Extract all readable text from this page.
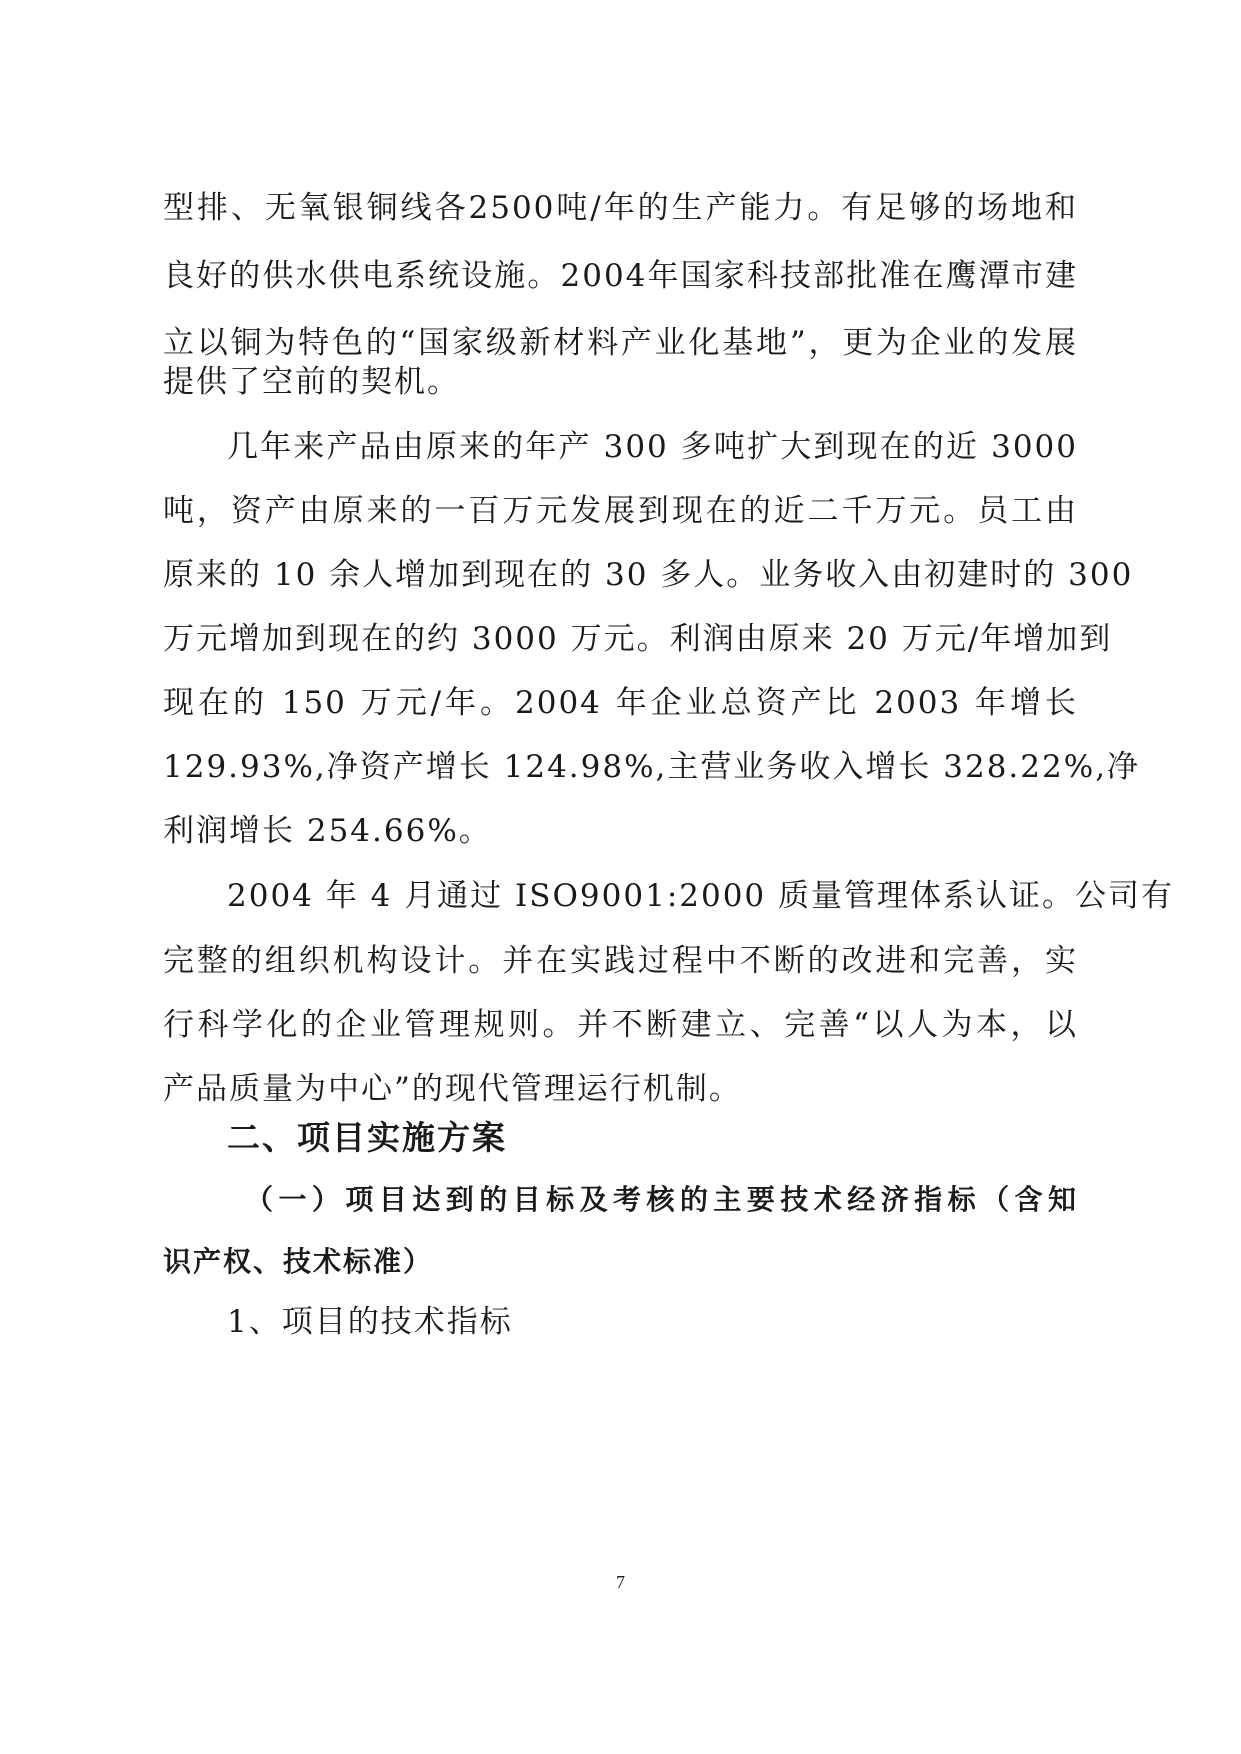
型排、无氧银铜线各2500吨/年的生产能力。有足够的场地和
良好的供水供电系统设施。2004年国家科技部批准在鹰潭市建
立以铜为特色的“国家级新材料产业化基地”，更为企业的发展
提供了空前的契机。
几年来产品由原来的年产 300 多吨扩大到现在的近 3000
吨，资产由原来的一百万元发展到现在的近二千万元。员工由
原来的 10 余人增加到现在的 30 多人。业务收入由初建时的 300
万元增加到现在的约 3000 万元。利润由原来 20 万元/年增加到
现在的 150 万元/年。2004 年企业总资产比 2003 年增长
129.93%,净资产增长 124.98%,主营业务收入增长 328.22%,净
利润增长 254.66%。
2004 年 4 月通过 ISO9001:2000 质量管理体系认证。公司有
完整的组织机构设计。并在实践过程中不断的改进和完善，实
行科学化的企业管理规则。并不断建立、完善“以人为本，以
产品质量为中心”的现代管理运行机制。
二、项目实施方案
（一）项目达到的目标及考核的主要技术经济指标（含知
识产权、技术标准）
1、项目的技术指标
7
